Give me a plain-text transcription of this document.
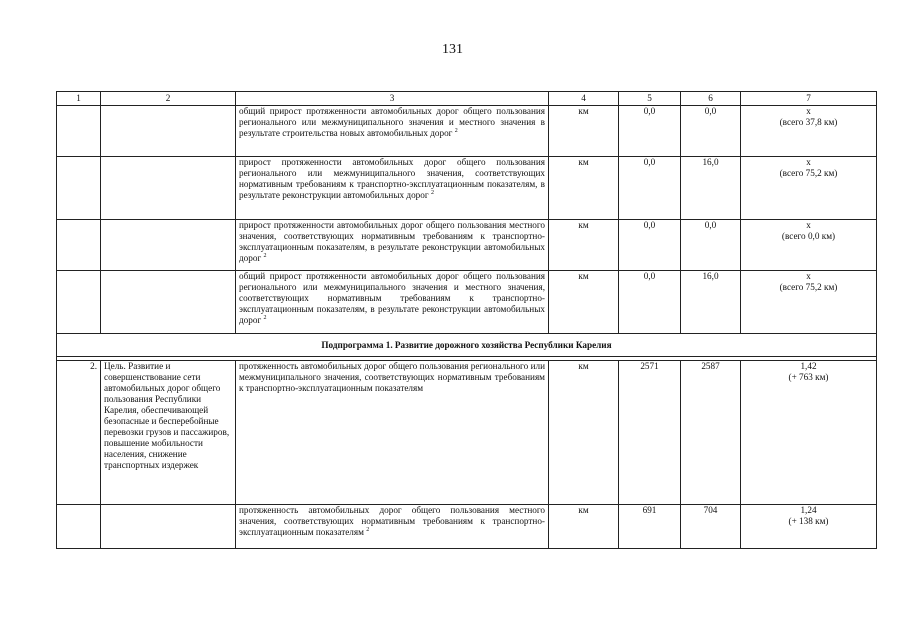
131
1	2	3	4	5	6	7
		общий прирост протяженности автомобильных дорог общего пользования регионального или межмуниципального значения и местного значения в результате строительства новых автомобильных дорог $^2$	км	0,0	0,0	х
(всего 37,8 км)

		прирост протяженности автомобильных дорог общего пользования регионального или межмуниципального значения, соответствующих нормативным требованиям к транспортно-эксплуатационным показателям, в результате реконструкции автомобильных дорог $^2$	км	0,0	16,0	х
(всего 75,2 км)

		прирост протяженности автомобильных дорог общего пользования местного значения, соответствующих нормативным требованиям к транспортно-эксплуатационным показателям, в результате реконструкции автомобильных дорог $^2$	км	0,0	0,0	х
(всего 0,0 км)

		общий прирост протяженности автомобильных дорог общего пользования регионального или межмуниципального значения и местного значения, соответствующих нормативным требованиям к транспортно-эксплуатационным показателям, в результате реконструкции автомобильных дорог $^2$	км	0,0	16,0	х
(всего 75,2 км)

Подпрограмма 1. Развитие дорожного хозяйства Республики Карелия						

2.	Цель. Развитие и совершенствование сети автомобильных дорог общего пользования Республики Карелия, обеспечивающей безопасные и бесперебойные перевозки грузов и пассажиров, повышение мобильности населения, снижение транспортных издержек	протяженность автомобильных дорог общего пользования регионального или межмуниципального значения, соответствующих нормативным требованиям к транспортно-эксплуатационным показателям	км	2571	2587	1,42
(+ 763 км)

		протяженность автомобильных дорог общего пользования местного значения, соответствующих нормативным требованиям к транспортно-эксплуатационным показателям $^2$	км	691	704	1,24
(+ 138 км)
